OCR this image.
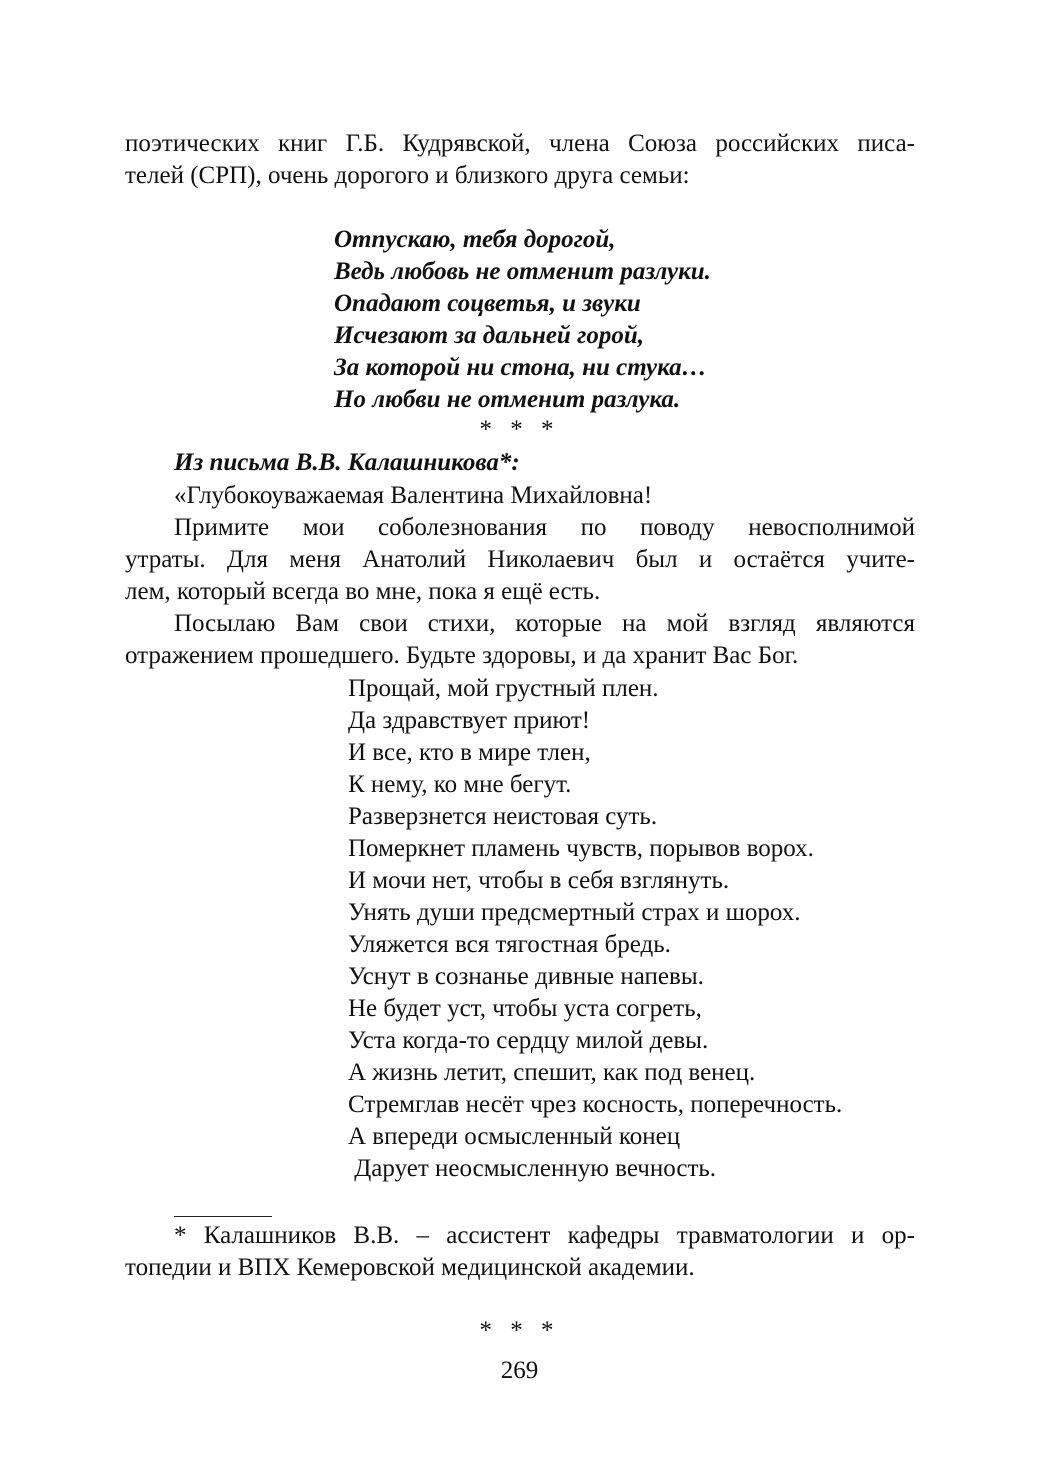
поэтических книг Г.Б. Кудрявской, члена Союза российских писа-
телей (СРП), очень дорогого и близкого друга семьи:
Отпускаю, тебя дорогой,
Ведь любовь не отменит разлуки.
Опадают соцветья, и звуки
Исчезают за дальней горой,
За которой ни стона, ни стука…
Но любви не отменит разлука.
* * *
Из письма В.В. Калашникова*:
«Глубокоуважаемая Валентина Михайловна!
Примите мои соболезнования по поводу невосполнимой
утраты. Для меня Анатолий Николаевич был и остаётся учите-
лем, который всегда во мне, пока я ещё есть.
Посылаю Вам свои стихи, которые на мой взгляд являются
отражением прошедшего. Будьте здоровы, и да хранит Вас Бог.
Прощай, мой грустный плен.
Да здравствует приют!
И все, кто в мире тлен,
К нему, ко мне бегут.
Разверзнется неистовая суть.
Померкнет пламень чувств, порывов ворох.
И мочи нет, чтобы в себя взглянуть.
Унять души предсмертный страх и шорох.
Уляжется вся тягостная бредь.
Уснут в сознанье дивные напевы.
Не будет уст, чтобы уста согреть,
Уста когда-то сердцу милой девы.
А жизнь летит, спешит, как под венец.
Стремглав несёт чрез косность, поперечность.
А впереди осмысленный конец
Дарует неосмысленную вечность.
* Калашников В.В. – ассистент кафедры травматологии и ор-
топедии и ВПХ Кемеровской медицинской академии.
* * *
269
